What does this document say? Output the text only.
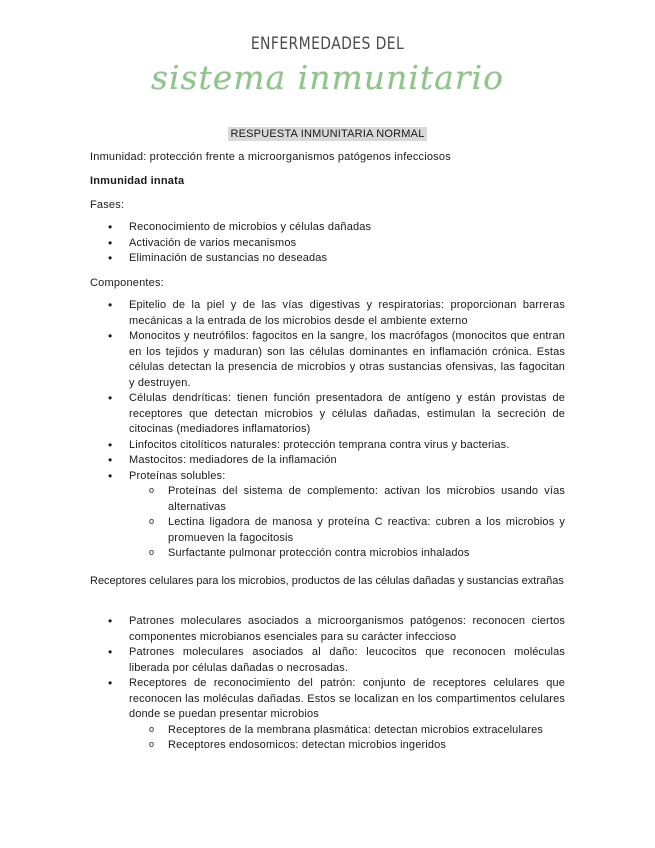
ENFERMEDADES DEL
sistema inmunitario
RESPUESTA INMUNITARIA NORMAL
Inmunidad: protección frente a microorganismos patógenos infecciosos
Inmunidad innata
Fases:
• Reconocimiento de microbios y células dañadas
• Activación de varios mecanismos
• Eliminación de sustancias no deseadas
Componentes:
• Epitelio de la piel y de las vías digestivas y respiratorias: proporcionan barreras mecánicas a la entrada de los microbios desde el ambiente externo
• Monocitos y neutrófilos: fagocitos en la sangre, los macrófagos (monocitos que entran en los tejidos y maduran) son las células dominantes en inflamación crónica. Estas células detectan la presencia de microbios y otras sustancias ofensivas, las fagocitan y destruyen.
• Células dendríticas: tienen función presentadora de antígeno y están provistas de receptores que detectan microbios y células dañadas, estimulan la secreción de citocinas (mediadores inflamatorios)
• Linfocitos citolíticos naturales: protección temprana contra virus y bacterias.
• Mastocitos: mediadores de la inflamación
• Proteínas solubles:
o Proteínas del sistema de complemento: activan los microbios usando vías alternativas
o Lectina ligadora de manosa y proteína C reactiva: cubren a los microbios y promueven la fagocitosis
o Surfactante pulmonar protección contra microbios inhalados
Receptores celulares para los microbios, productos de las células dañadas y sustancias extrañas
• Patrones moleculares asociados a microorganismos patógenos: reconocen ciertos componentes microbianos esenciales para su carácter infeccioso
• Patrones moleculares asociados al daño: leucocitos que reconocen moléculas liberada por células dañadas o necrosadas.
• Receptores de reconocimiento del patrón: conjunto de receptores celulares que reconocen las moléculas dañadas. Estos se localizan en los compartimentos celulares donde se puedan presentar microbios
o Receptores de la membrana plasmática: detectan microbios extracelulares
o Receptores endosomicos: detectan microbios ingeridos
